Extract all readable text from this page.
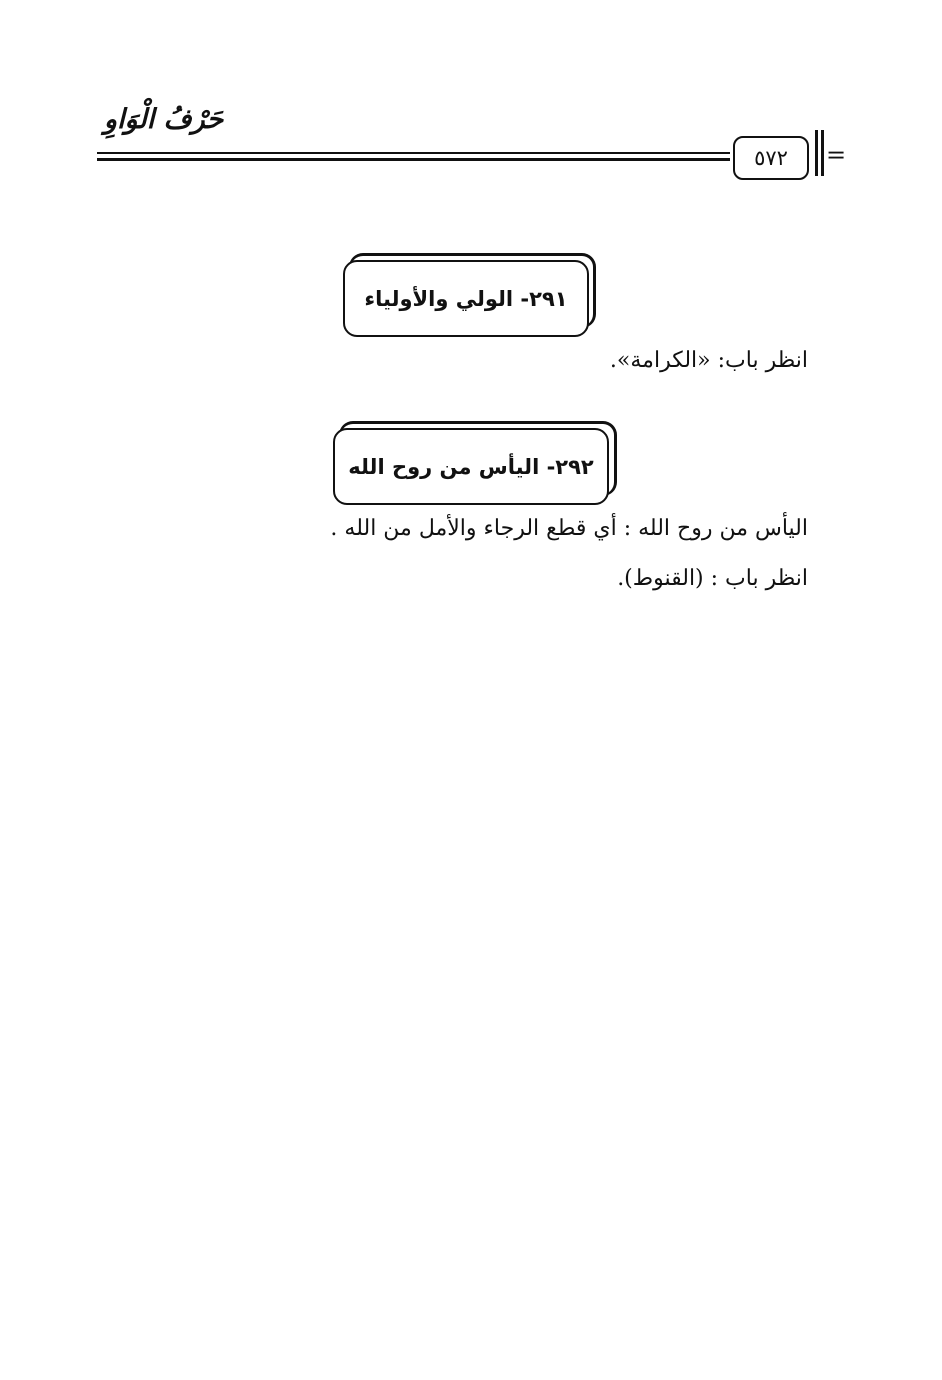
حَرْفُ الْوَاوِ
٥٧٢	=
٢٩١- الولي والأولياء
انظر باب: «الكرامة».
٢٩٢- اليأس من روح الله
اليأس من روح الله : أي قطع الرجاء والأمل من الله .
انظر باب : (القنوط).
